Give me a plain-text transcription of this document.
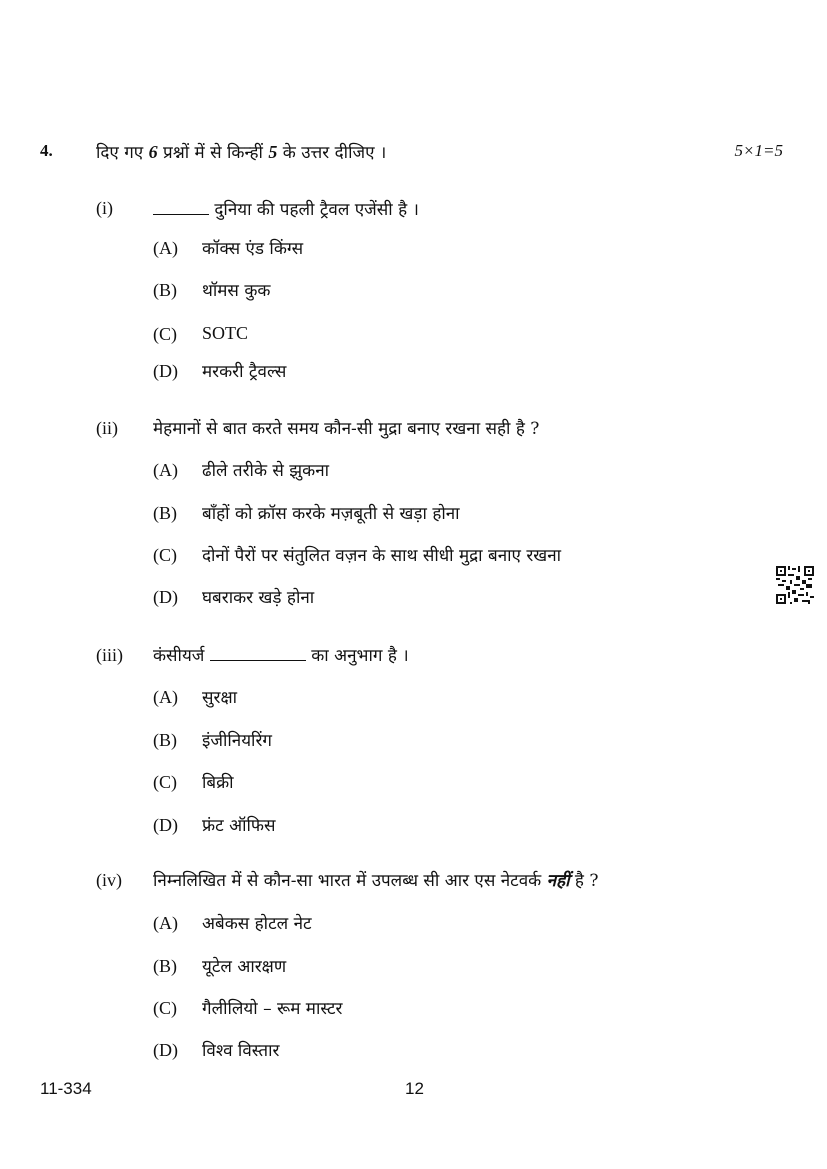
4.	दिए गए 6 प्रश्नों में से किन्हीं 5 के उत्तर दीजिए ।	5×1=5
(i)	दुनिया की पहली ट्रैवल एजेंसी है ।
(A) कॉक्स एंड किंग्स
(B) थॉमस कुक
(C) SOTC
(D) मरकरी ट्रैवल्स
(ii) मेहमानों से बात करते समय कौन-सी मुद्रा बनाए रखना सही है ?
(A) ढीले तरीके से झुकना
(B) बाँहों को क्रॉस करके मज़बूती से खड़ा होना
(C) दोनों पैरों पर संतुलित वज़न के साथ सीधी मुद्रा बनाए रखना
(D) घबराकर खड़े होना
(iii) कंसीयर्ज	का अनुभाग है ।
(A) सुरक्षा
(B) इंजीनियरिंग
(C) बिक्री
(D) फ्रंट ऑफिस
(iv) निम्नलिखित में से कौन-सा भारत में उपलब्ध सी आर एस नेटवर्क नहीं है ?
(A) अबेकस होटल नेट
(B) यूटेल आरक्षण
(C) गैलीलियो – रूम मास्टर
(D) विश्व विस्तार
11-334	12
